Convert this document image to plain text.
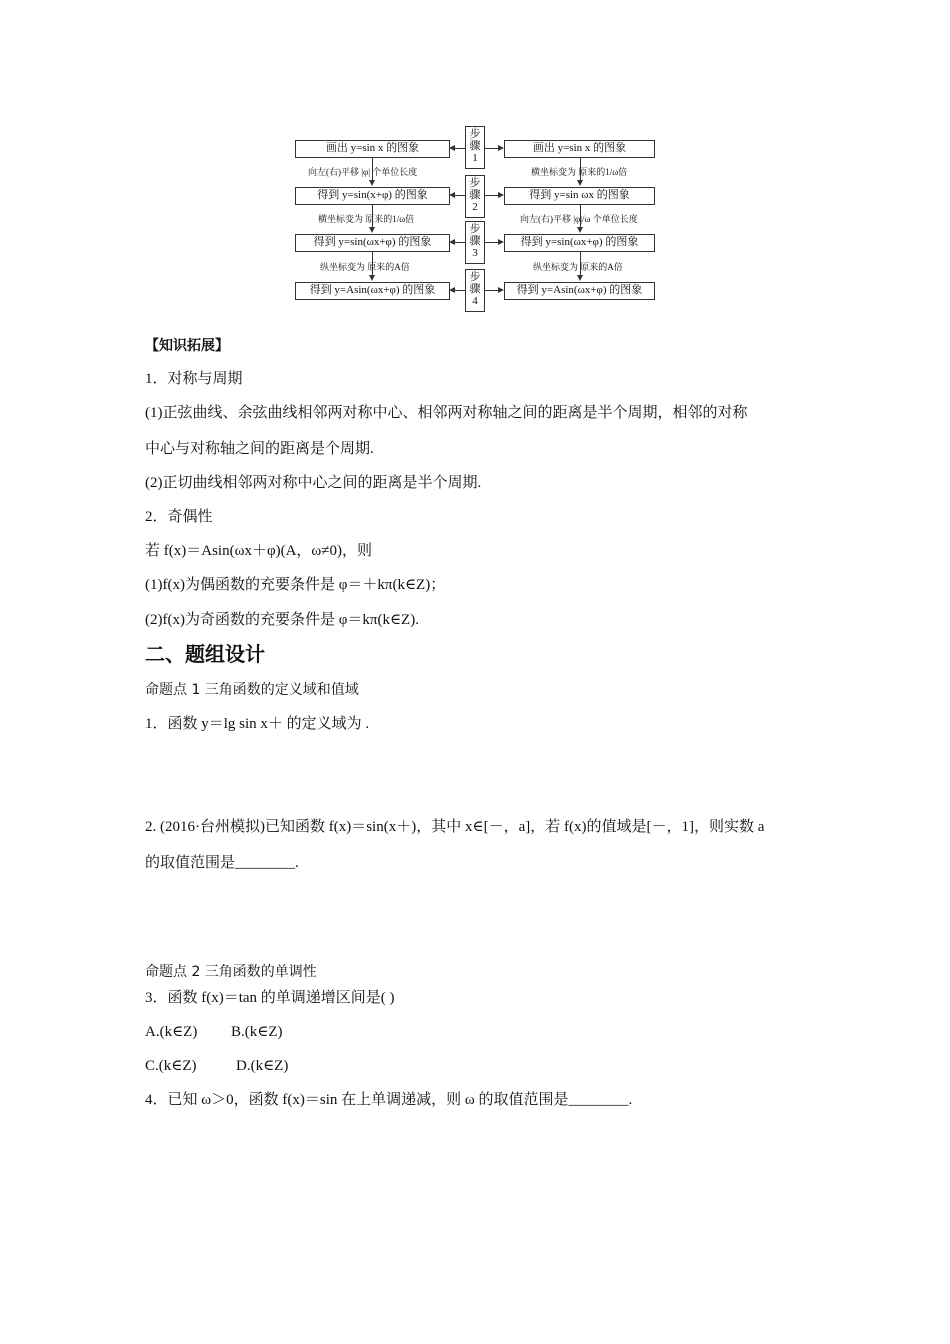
画出 y=sin x 的图象
得到 y=sin(x+φ) 的图象
得到 y=sin(ωx+φ) 的图象
得到 y=Asin(ωx+φ) 的图象
画出 y=sin x 的图象
得到 y=sin ωx 的图象
得到 y=sin(ωx+φ) 的图象
得到 y=Asin(ωx+φ) 的图象
步
骤
1
步
骤
2
步
骤
3
步
骤
4
向左(右)平移 |φ| 个单位长度
横坐标变为 原来的1/ω倍
纵坐标变为 原来的A倍
横坐标变为 原来的1/ω倍
向左(右)平移 |φ|/ω 个单位长度
纵坐标变为 原来的A倍
【知识拓展】
1．对称与周期
(1)正弦曲线、余弦曲线相邻两对称中心、相邻两对称轴之间的距离是半个周期，相邻的对称
中心与对称轴之间的距离是个周期.
(2)正切曲线相邻两对称中心之间的距离是半个周期.
2．奇偶性
若 f(x)＝Asin(ωx＋φ)(A，ω≠0)，则
(1)f(x)为偶函数的充要条件是 φ＝＋kπ(k∈Z)；
(2)f(x)为奇函数的充要条件是 φ＝kπ(k∈Z).
二、题组设计
命题点 1 三角函数的定义域和值域
1．函数 y＝lg sin x＋ 的定义域为 .
2. (2016·台州模拟)已知函数 f(x)＝sin(x＋)，其中 x∈[－，a]，若 f(x)的值域是[－，1]，则实数 a
的取值范围是________.
命题点 2 三角函数的单调性
3．函数 f(x)＝tan 的单调递增区间是( )
A.(k∈Z) B.(k∈Z)
C.(k∈Z)	D.(k∈Z)
4．已知 ω＞0，函数 f(x)＝sin 在上单调递减，则 ω 的取值范围是________.
